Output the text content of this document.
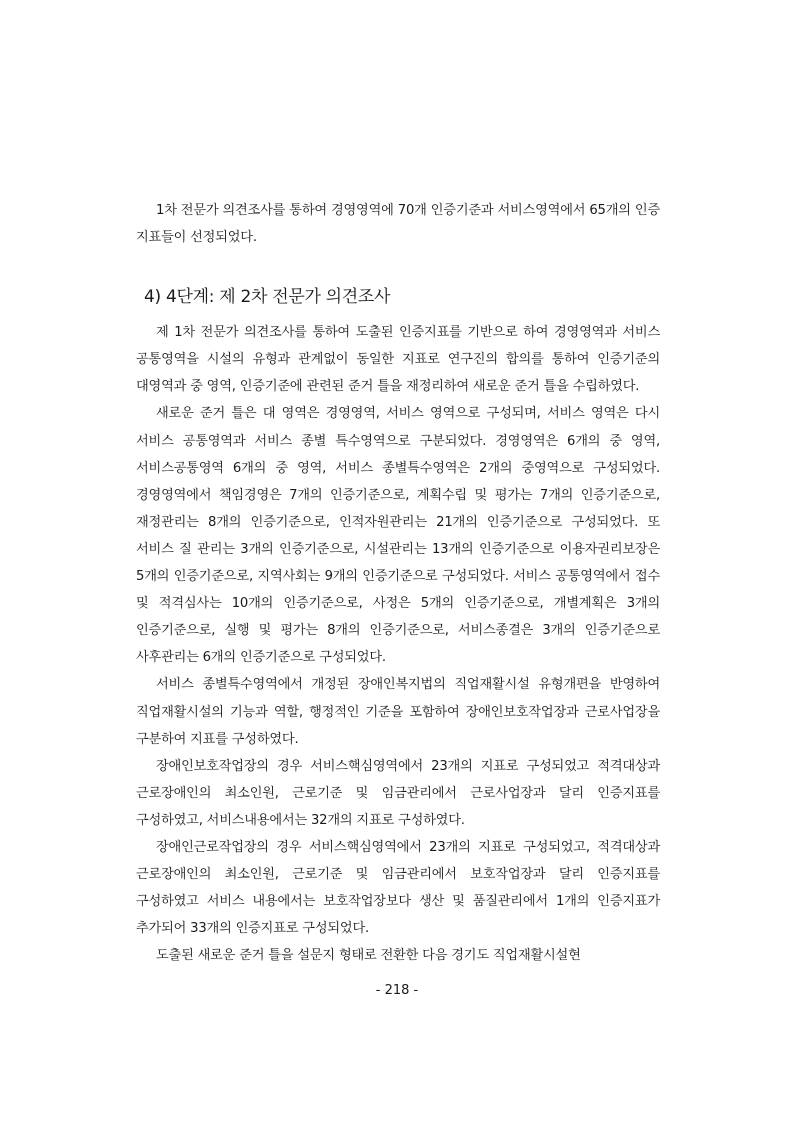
1차 전문가 의견조사를 통하여 경영영역에 70개 인증기준과 서비스영역에서 65개의 인증 지표들이 선정되었다.

4) 4단계: 제 2차 전문가 의견조사

제 1차 전문가 의견조사를 통하여 도출된 인증지표를 기반으로 하여 경영영역과 서비스 공통영역을 시설의 유형과 관계없이 동일한 지표로 연구진의 합의를 통하여 인증기준의 대영역과 중 영역, 인증기준에 관련된 준거 틀을 재정리하여 새로운 준거 틀을 수립하였다.

새로운 준거 틀은 대 영역은 경영영역, 서비스 영역으로 구성되며, 서비스 영역은 다시 서비스 공통영역과 서비스 종별 특수영역으로 구분되었다. 경영영역은 6개의 중 영역, 서비스공통영역 6개의 중 영역, 서비스 종별특수영역은 2개의 중영역으로 구성되었다. 경영영역에서 책임경영은 7개의 인증기준으로, 계획수립 및 평가는 7개의 인증기준으로, 재정관리는 8개의 인증기준으로, 인적자원관리는 21개의 인증기준으로 구성되었다. 또 서비스 질 관리는 3개의 인증기준으로, 시설관리는 13개의 인증기준으로 이용자권리보장은 5개의 인증기준으로, 지역사회는 9개의 인증기준으로 구성되었다. 서비스 공통영역에서 접수 및 적격심사는 10개의 인증기준으로, 사정은 5개의 인증기준으로, 개별계획은 3개의 인증기준으로, 실행 및 평가는 8개의 인증기준으로, 서비스종결은 3개의 인증기준으로 사후관리는 6개의 인증기준으로 구성되었다.

서비스 종별특수영역에서 개정된 장애인복지법의 직업재활시설 유형개편을 반영하여 직업재활시설의 기능과 역할, 행정적인 기준을 포함하여 장애인보호작업장과 근로사업장을 구분하여 지표를 구성하였다.

장애인보호작업장의 경우 서비스핵심영역에서 23개의 지표로 구성되었고 적격대상과 근로장애인의 최소인원, 근로기준 및 임금관리에서 근로사업장과 달리 인증지표를 구성하였고, 서비스내용에서는 32개의 지표로 구성하였다.

장애인근로작업장의 경우 서비스핵심영역에서 23개의 지표로 구성되었고, 적격대상과 근로장애인의 최소인원, 근로기준 및 임금관리에서 보호작업장과 달리 인증지표를 구성하였고 서비스 내용에서는 보호작업장보다 생산 및 품질관리에서 1개의 인증지표가 추가되어 33개의 인증지표로 구성되었다.

도출된 새로운 준거 틀을 설문지 형태로 전환한 다음 경기도 직업재활시설현

- 218 -
